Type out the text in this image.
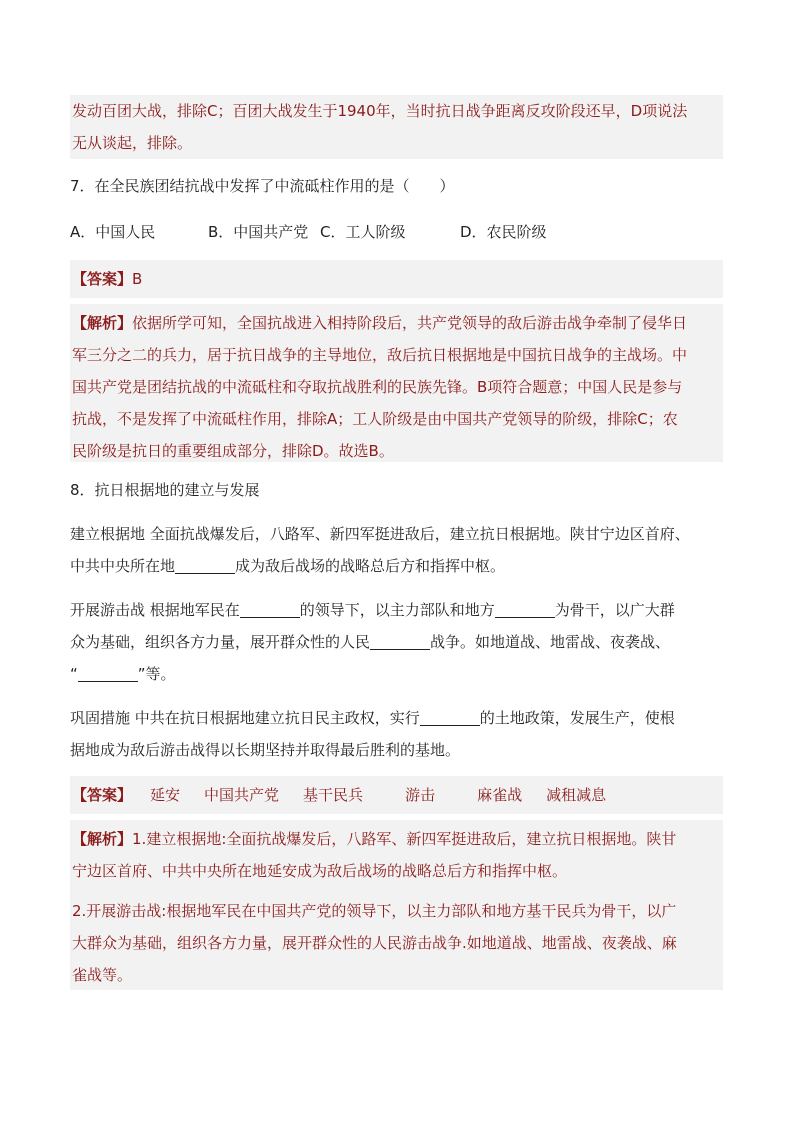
发动百团大战，排除C；百团大战发生于1940年，当时抗日战争距离反攻阶段还早，D项说法
无从谈起，排除。
7．在全民族团结抗战中发挥了中流砥柱作用的是（　　）
A．中国人民	B．中国共产党 C．工人阶级	D．农民阶级
【答案】B
【解析】依据所学可知，全国抗战进入相持阶段后，共产党领导的敌后游击战争牵制了侵华日
军三分之二的兵力，居于抗日战争的主导地位，敌后抗日根据地是中国抗日战争的主战场。中
国共产党是团结抗战的中流砥柱和夺取抗战胜利的民族先锋。B项符合题意；中国人民是参与
抗战，不是发挥了中流砥柱作用，排除A；工人阶级是由中国共产党领导的阶级，排除C；农
民阶级是抗日的重要组成部分，排除D。故选B。
8．抗日根据地的建立与发展
建立根据地 全面抗战爆发后，八路军、新四军挺进敌后，建立抗日根据地。陕甘宁边区首府、
中共中央所在地	成为敌后战场的战略总后方和指挥中枢。
开展游击战 根据地军民在	的领导下，以主力部队和地方	为骨干，以广大群
众为基础，组织各方力量，展开群众性的人民	战争。如地道战、地雷战、夜袭战、
“	”等。
巩固措施 中共在抗日根据地建立抗日民主政权，实行	的土地政策，发展生产，使根
据地成为敌后游击战得以长期坚持并取得最后胜利的基地。
【答案】 延安 中国共产党 基干民兵	游击	麻雀战 减租减息
【解析】1.建立根据地:全面抗战爆发后，八路军、新四军挺进敌后，建立抗日根据地。陕甘
宁边区首府、中共中央所在地延安成为敌后战场的战略总后方和指挥中枢。
2.开展游击战:根据地军民在中国共产党的领导下，以主力部队和地方基干民兵为骨干，以广
大群众为基础，组织各方力量，展开群众性的人民游击战争.如地道战、地雷战、夜袭战、麻
雀战等。
